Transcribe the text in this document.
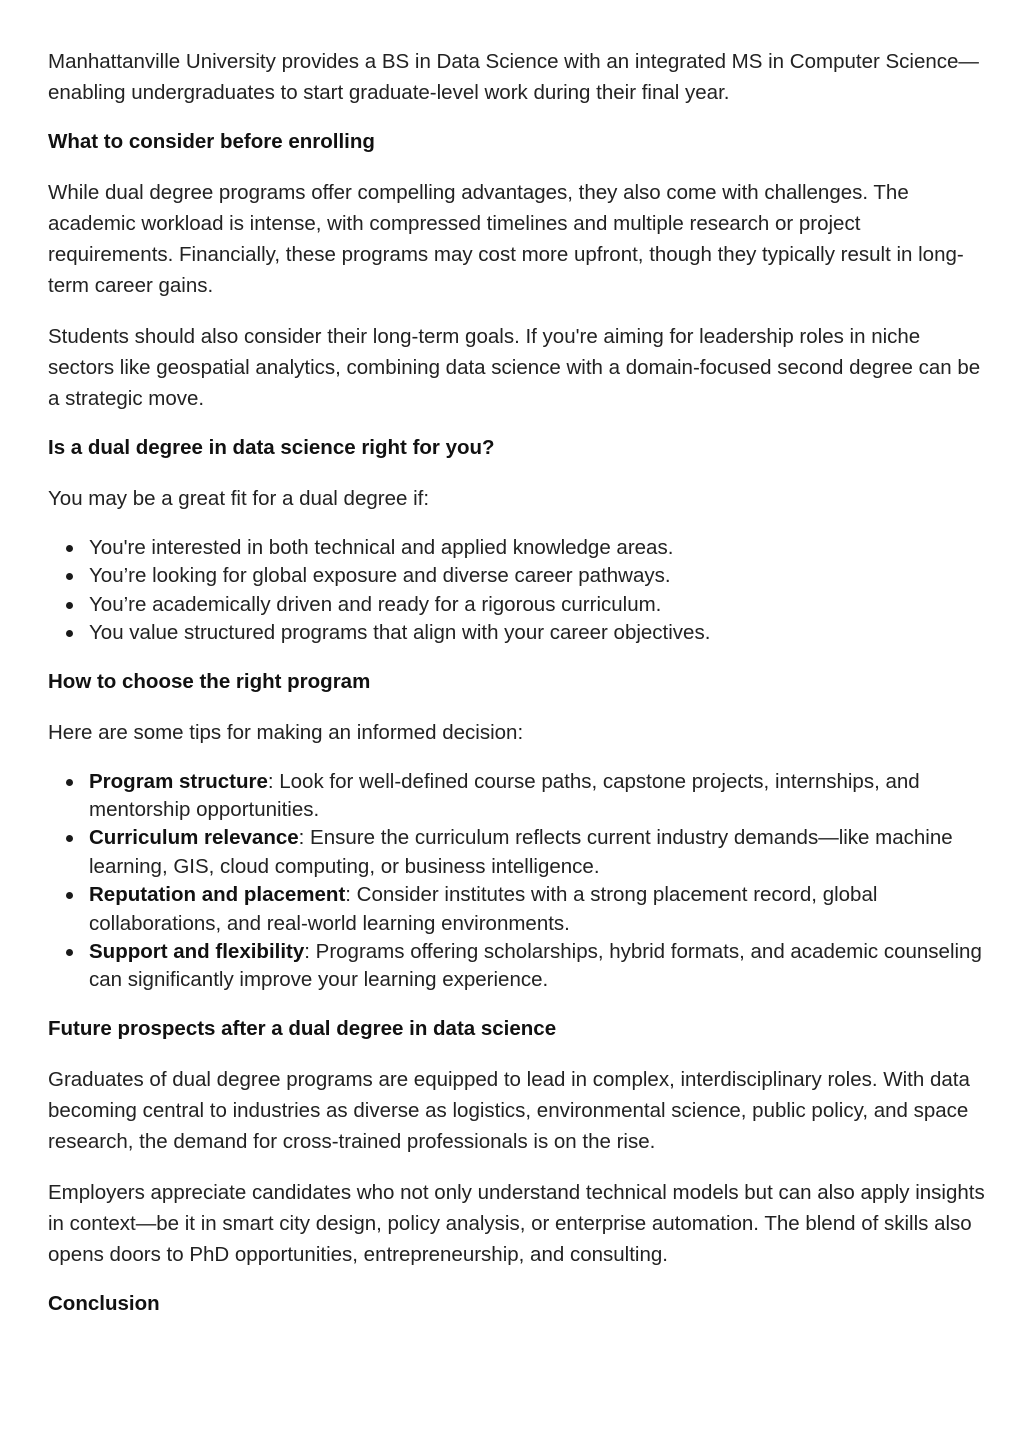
Manhattanville University provides a BS in Data Science with an integrated MS in Computer Science—enabling undergraduates to start graduate-level work during their final year.

What to consider before enrolling

While dual degree programs offer compelling advantages, they also come with challenges. The academic workload is intense, with compressed timelines and multiple research or project requirements. Financially, these programs may cost more upfront, though they typically result in long-term career gains.

Students should also consider their long-term goals. If you're aiming for leadership roles in niche sectors like geospatial analytics, combining data science with a domain-focused second degree can be a strategic move.

Is a dual degree in data science right for you?

You may be a great fit for a dual degree if:

You're interested in both technical and applied knowledge areas.
You’re looking for global exposure and diverse career pathways.
You’re academically driven and ready for a rigorous curriculum.
You value structured programs that align with your career objectives.
How to choose the right program

Here are some tips for making an informed decision:

Program structure: Look for well-defined course paths, capstone projects, internships, and mentorship opportunities.
Curriculum relevance: Ensure the curriculum reflects current industry demands—like machine learning, GIS, cloud computing, or business intelligence.
Reputation and placement: Consider institutes with a strong placement record, global collaborations, and real-world learning environments.
Support and flexibility: Programs offering scholarships, hybrid formats, and academic counseling can significantly improve your learning experience.
Future prospects after a dual degree in data science

Graduates of dual degree programs are equipped to lead in complex, interdisciplinary roles. With data becoming central to industries as diverse as logistics, environmental science, public policy, and space research, the demand for cross-trained professionals is on the rise.

Employers appreciate candidates who not only understand technical models but can also apply insights in context—be it in smart city design, policy analysis, or enterprise automation. The blend of skills also opens doors to PhD opportunities, entrepreneurship, and consulting.

Conclusion
